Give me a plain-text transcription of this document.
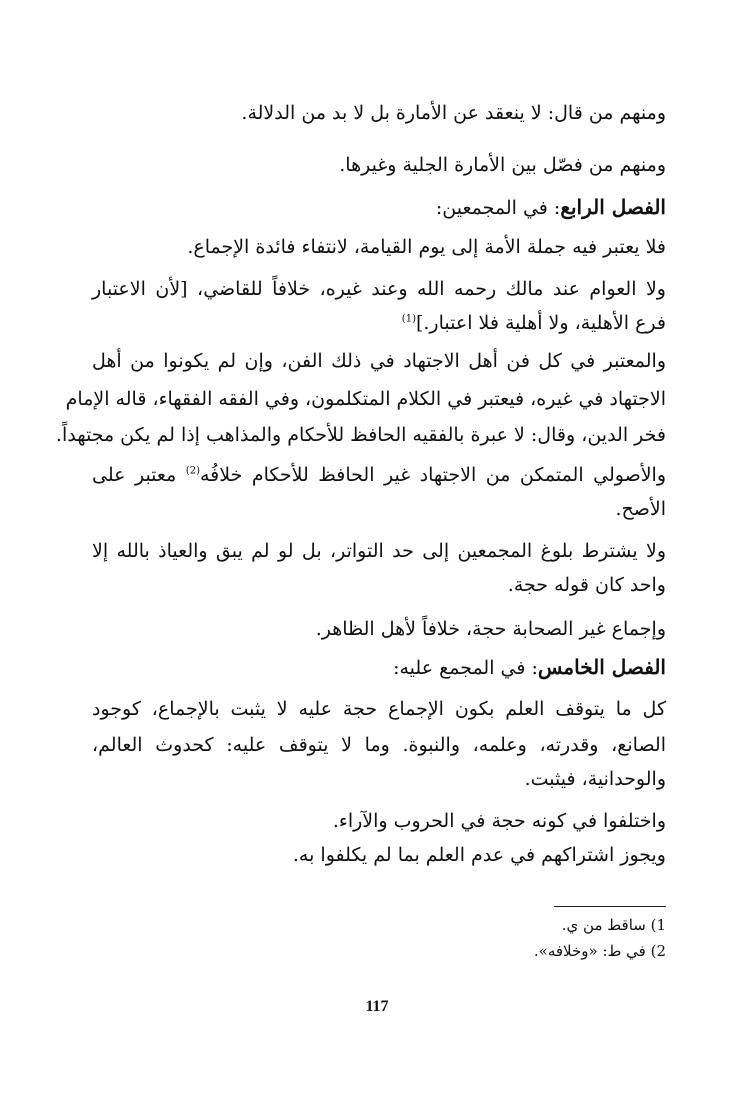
ومنهم من قال: لا ينعقد عن الأمارة بل لا بد من الدلالة.
ومنهم من فصّل بين الأمارة الجلية وغيرها.
الفصل الرابع: في المجمعين:
فلا يعتبر فيه جملة الأمة إلى يوم القيامة، لانتفاء فائدة الإجماع.
ولا العوام عند مالك رحمه الله وعند غيره، خلافاً للقاضي، [لأن الاعتبار
فرع الأهلية، ولا أهلية فلا اعتبار.]$^{(1)}$
والمعتبر في كل فن أهل الاجتهاد في ذلك الفن، وإن لم يكونوا من أهل
الاجتهاد في غيره، فيعتبر في الكلام المتكلمون، وفي الفقه الفقهاء، قاله الإمام
فخر الدين، وقال: لا عبرة بالفقيه الحافظ للأحكام والمذاهب إذا لم يكن مجتهداً.
والأصولي المتمكن من الاجتهاد غير الحافظ للأحكام خلافُه$^{(2)}$ معتبر على
الأصح.
ولا يشترط بلوغ المجمعين إلى حد التواتر، بل لو لم يبق والعياذ بالله إلا
واحد كان قوله حجة.
وإجماع غير الصحابة حجة، خلافاً لأهل الظاهر.
الفصل الخامس: في المجمع عليه:
كل ما يتوقف العلم بكون الإجماع حجة عليه لا يثبت بالإجماع، كوجود
الصانع، وقدرته، وعلمه، والنبوة. وما لا يتوقف عليه: كحدوث العالم،
والوحدانية، فيثبت.
واختلفوا في كونه حجة في الحروب والآراء.
ويجوز اشتراكهم في عدم العلم بما لم يكلفوا به.
1) ساقط من ي.
2) في ط: «وخلافه».
117
